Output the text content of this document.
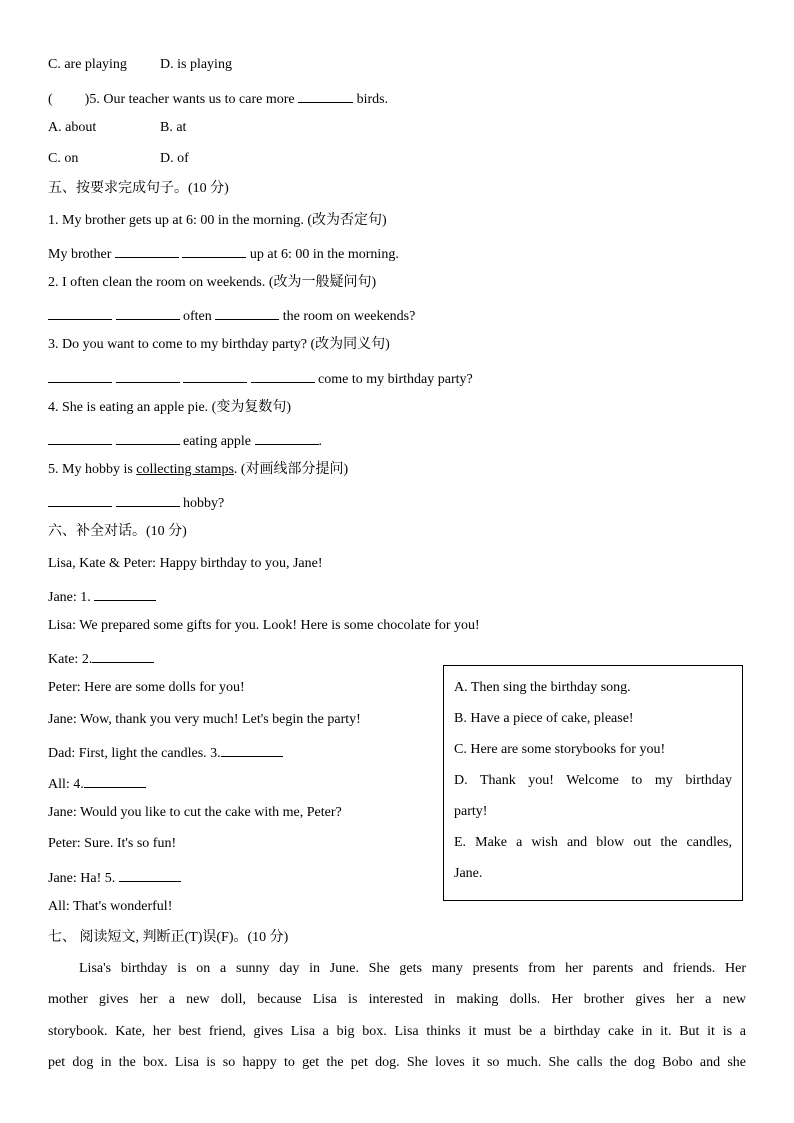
C. are playing D. is playing
( )5. Our teacher wants us to care more	birds.
A. about	B. at
C. on	D. of
五、按要求完成句子。(10 分)
1. My brother gets up at 6: 00 in the morning. (改为否定句)
My brother	up at 6: 00 in the morning.
2. I often clean the room on weekends. (改为一般疑问句)
often	the room on weekends?
3. Do you want to come to my birthday party? (改为同义句)
come to my birthday party?
4. She is eating an apple pie. (变为复数句)
eating apple	.
5. My hobby is collecting stamps. (对画线部分提问)
hobby?
六、补全对话。(10 分)
Lisa, Kate & Peter: Happy birthday to you, Jane!
Jane: 1.
Lisa: We prepared some gifts for you. Look! Here is some chocolate for you!
Kate: 2.
Peter: Here are some dolls for you!
Jane: Wow, thank you very much! Let's begin the party!
Dad: First, light the candles. 3.
All: 4.
Jane: Would you like to cut the cake with me, Peter?
Peter: Sure. It's so fun!
Jane: Ha! 5.
All: That's wonderful!
A. Then sing the birthday song.
B. Have a piece of cake, please!
C. Here are some storybooks for you!
D. Thank you! Welcome to my birthday
party!
E. Make a wish and blow out the candles,
Jane.
七、 阅读短文, 判断正(T)误(F)。(10 分)
Lisa's birthday is on a sunny day in June. She gets many presents from her parents and friends. Her
mother gives her a new doll, because Lisa is interested in making dolls. Her brother gives her a new
storybook. Kate, her best friend, gives Lisa a big box. Lisa thinks it must be a birthday cake in it. But it is a
pet dog in the box. Lisa is so happy to get the pet dog. She loves it so much. She calls the dog Bobo and she
